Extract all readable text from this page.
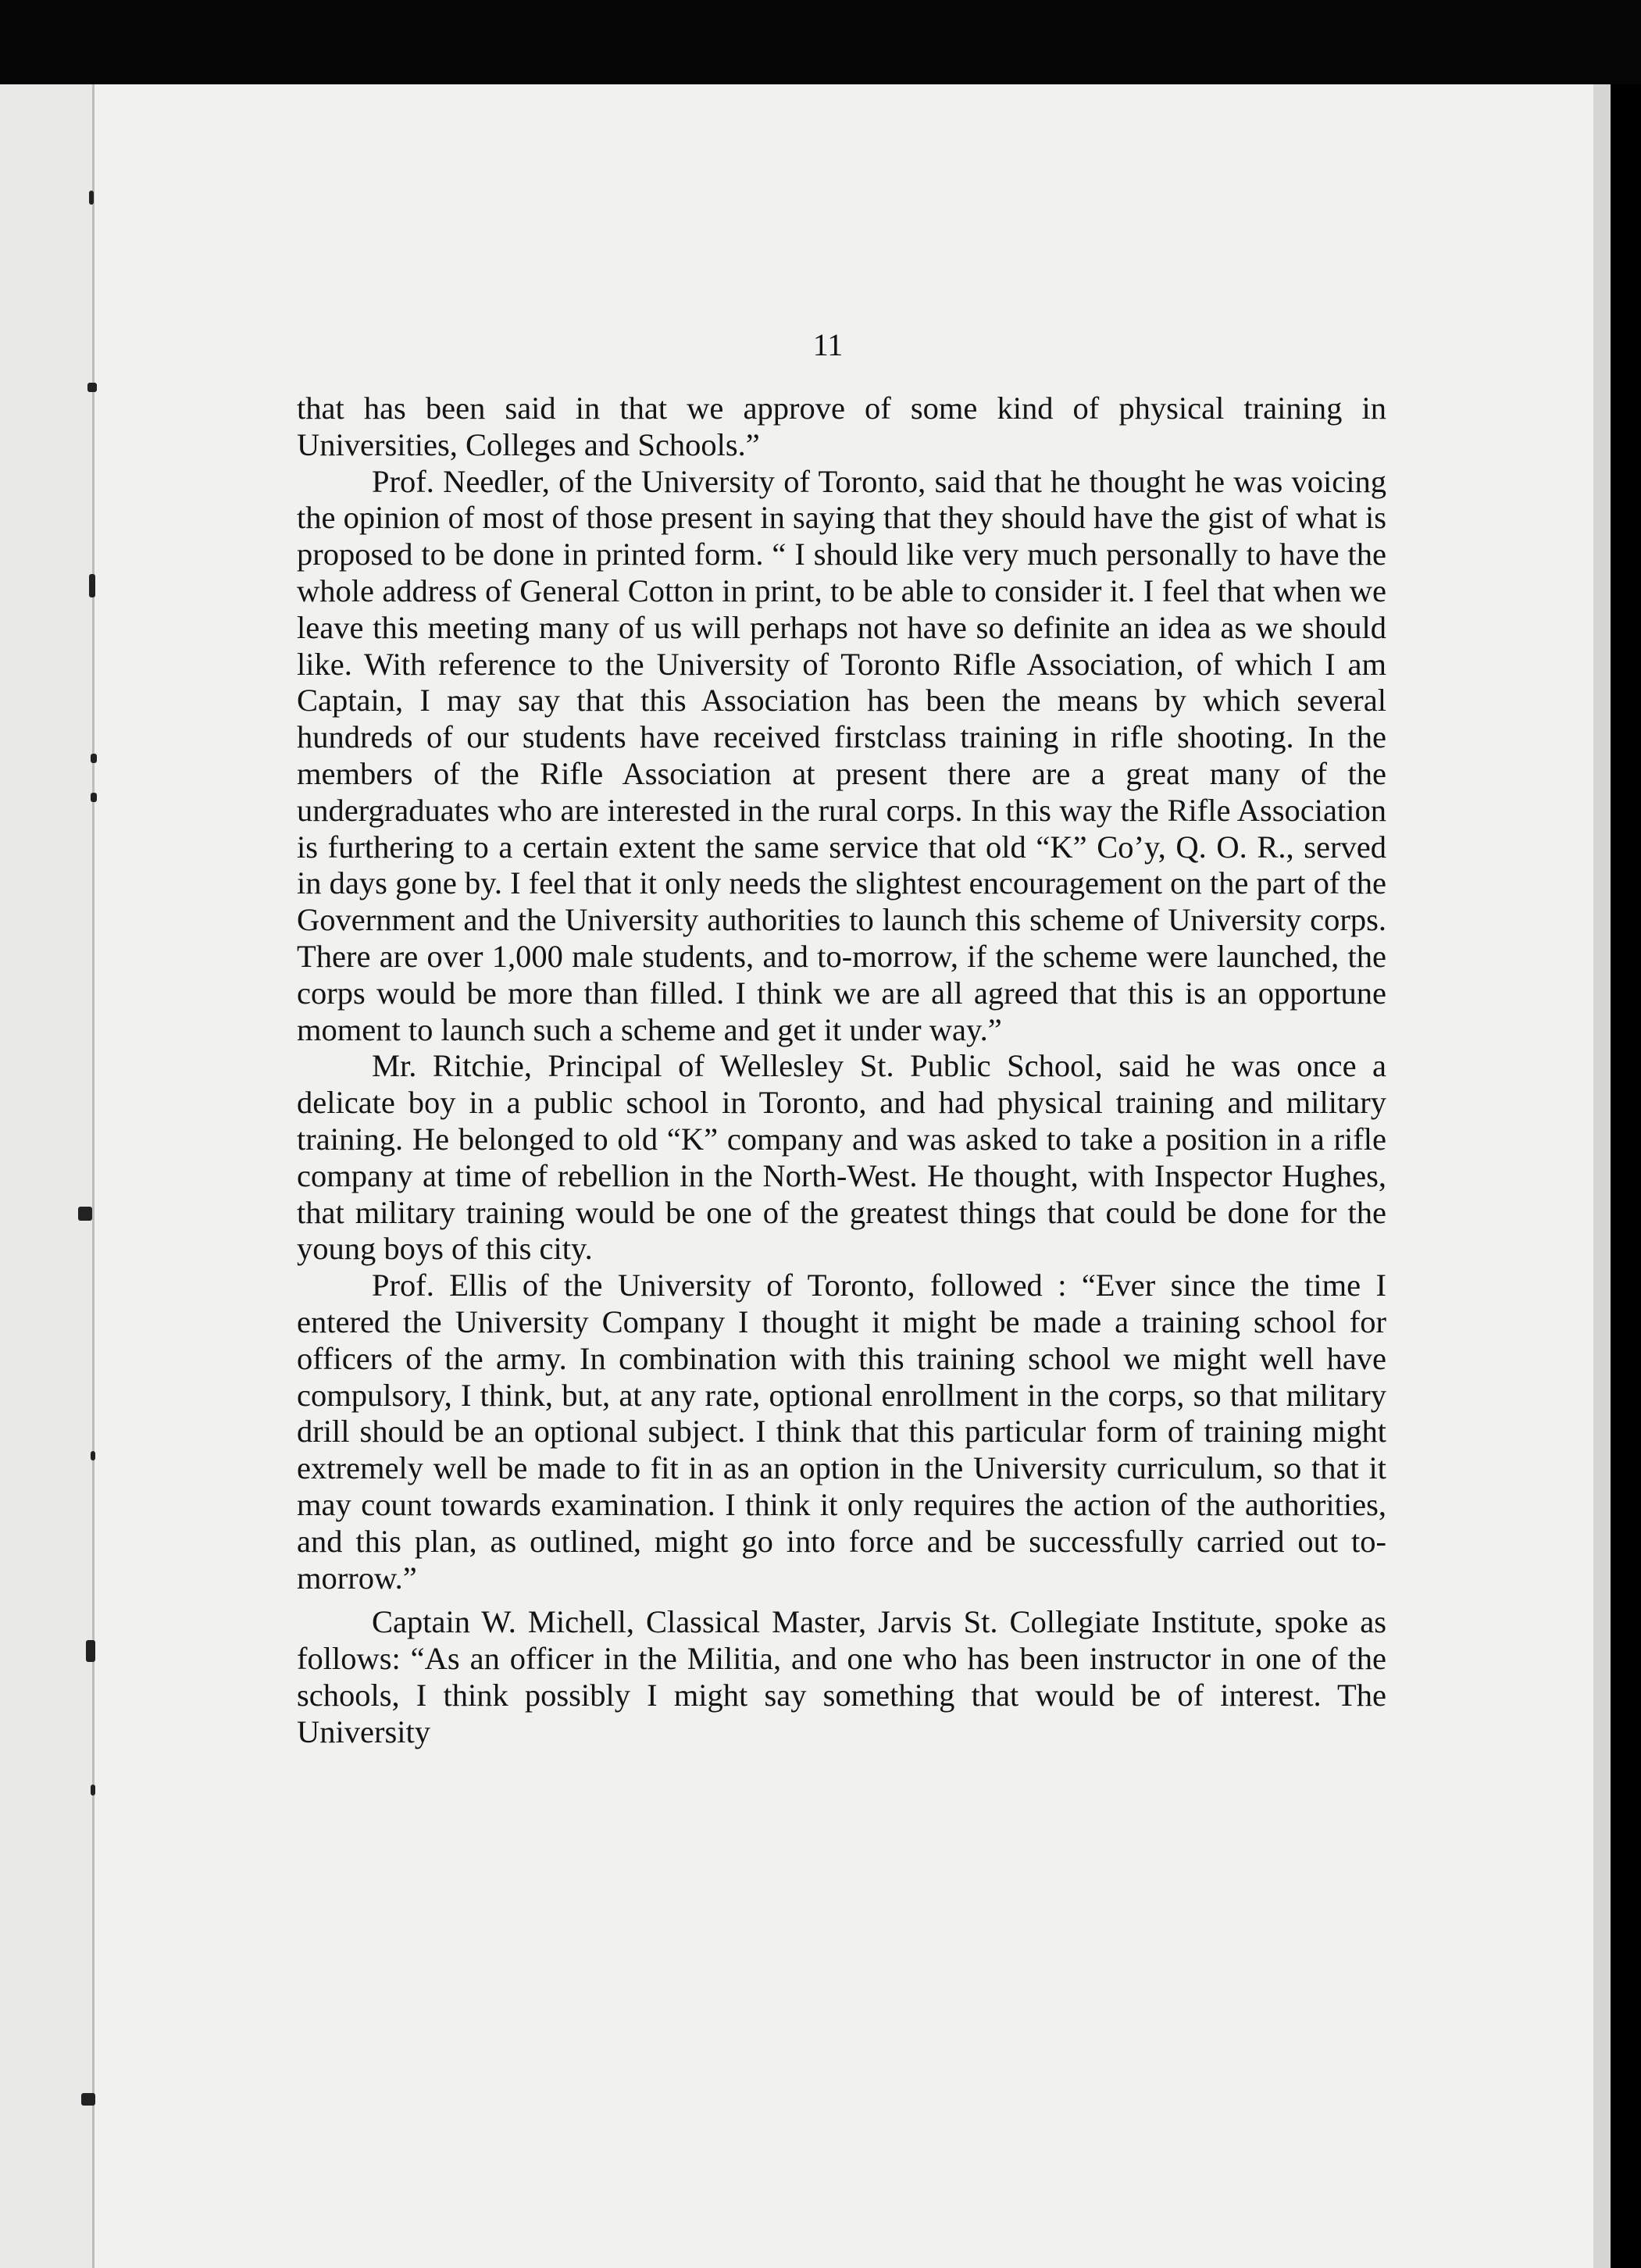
11

that has been said in that we approve of some kind of physical training in Universities, Colleges and Schools.”

Prof. Needler, of the University of Toronto, said that he thought he was voicing the opinion of most of those present in saying that they should have the gist of what is proposed to be done in printed form. “ I should like very much personally to have the whole address of General Cotton in print, to be able to consider it. I feel that when we leave this meeting many of us will perhaps not have so definite an idea as we should like. With reference to the University of Toronto Rifle Association, of which I am Captain, I may say that this Association has been the means by which several hundreds of our students have received firstclass training in rifle shooting. In the members of the Rifle Association at present there are a great many of the undergraduates who are interested in the rural corps. In this way the Rifle Association is furthering to a certain extent the same service that old “K” Co’y, Q. O. R., served in days gone by. I feel that it only needs the slightest encouragement on the part of the Government and the University authorities to launch this scheme of University corps. There are over 1,000 male students, and to-morrow, if the scheme were launched, the corps would be more than filled. I think we are all agreed that this is an opportune moment to launch such a scheme and get it under way.”

Mr. Ritchie, Principal of Wellesley St. Public School, said he was once a delicate boy in a public school in Toronto, and had physical training and military training. He belonged to old “K” company and was asked to take a position in a rifle company at time of rebellion in the North-West. He thought, with Inspector Hughes, that military training would be one of the greatest things that could be done for the young boys of this city.

Prof. Ellis of the University of Toronto, followed : “Ever since the time I entered the University Company I thought it might be made a training school for officers of the army. In combination with this training school we might well have compulsory, I think, but, at any rate, optional enrollment in the corps, so that military drill should be an optional subject. I think that this particular form of training might extremely well be made to fit in as an option in the University curriculum, so that it may count towards examination. I think it only requires the action of the authorities, and this plan, as outlined, might go into force and be successfully carried out to-morrow.”

Captain W. Michell, Classical Master, Jarvis St. Collegiate Institute, spoke as follows: “As an officer in the Militia, and one who has been instructor in one of the schools, I think possibly I might say something that would be of interest. The University
